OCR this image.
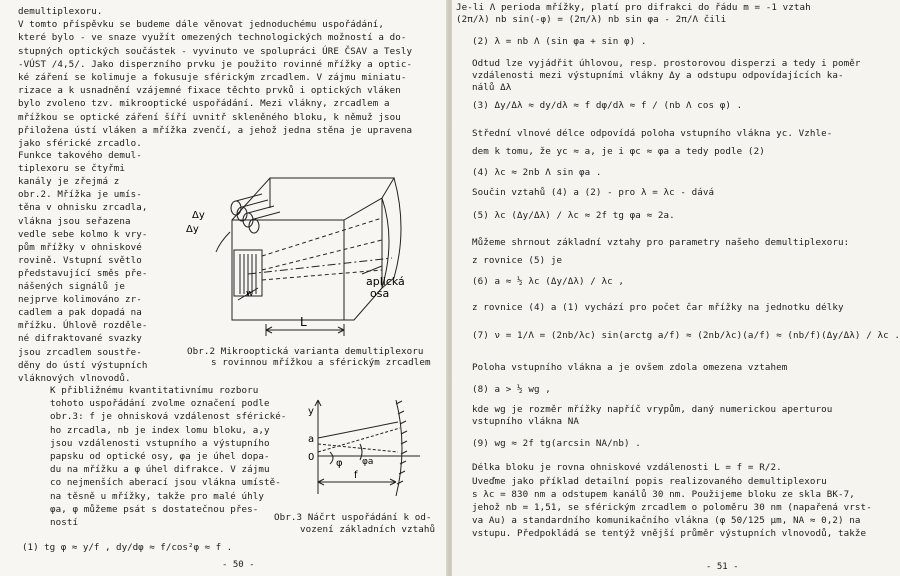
demultiplexoru.
V tomto příspěvku se budeme dále věnovat jednoduchému uspořádání,
které bylo - ve snaze využít omezených technologických možností a do-
stupných optických součástek - vyvinuto ve spolupráci ÚRE ČSAV a Tesly
-VÚST /4,5/. Jako disperzního prvku je použito rovinné mřížky a optic-
ké záření se kolimuje a fokusuje sférickým zrcadlem. V zájmu miniatu-
rizace a k usnadnění vzájemné fixace těchto prvků i optických vláken
bylo zvoleno tzv. mikrooptické uspořádání. Mezi vlákny, zrcadlem a
mřížkou se optické záření šíří uvnitř skleněného bloku, k němuž jsou
přiložena ústí vláken a mřížka zvenčí, a jehož jedna stěna je upravena
jako sférické zrcadlo.
Funkce takového demul-
tiplexoru se čtyřmi
kanály je zřejmá z
obr.2. Mřížka je umís-
těna v ohnisku zrcadla,
vlákna jsou seřazena
vedle sebe kolmo k vry-
pům mřížky v ohniskové
rovině. Vstupní světlo
představující směs pře-
nášených signálů je
nejprve kolimováno zr-
cadlem a pak dopadá na
mřížku. Úhlově rozděle-
né difraktované svazky
jsou zrcadlem soustře-
děny do ústí výstupních
vláknových vlnovodů.
K přibližnému kvantitativnímu rozboru
tohoto uspořádání zvolme označení podle
obr.3: f je ohnisková vzdálenost sférické-
ho zrcadla, nb je index lomu bloku, a,y
jsou vzdálenosti vstupního a výstupního
papsku od optické osy, φa je úhel dopa-
du na mřížku a φ úhel difrakce. V zájmu
co nejmenších aberací jsou vlákna umístě-
na těsně u mřížky, takže pro malé úhly
φa, φ můžeme psát s dostatečnou přes-
ností
Δy
Δy
w
L
aplická
osa
Obr.2 Mikrooptická varianta demultiplexoru
s rovinnou mřížkou a sférickým zrcadlem
y
a
0
φ φa
f
Obr.3 Náčrt uspořádání k od-
vození základních vztahů
(1) tg φ ≈ y/f , dy/dφ ≈ f/cos²φ ≈ f .
- 50 -
Je-li Λ perioda mřížky, platí pro difrakci do řádu m = -1 vztah
(2π/λ) nb sin(-φ) = (2π/λ) nb sin φa - 2π/Λ čili
(2) λ = nb Λ (sin φa + sin φ) .
Odtud lze vyjádřit úhlovou, resp. prostorovou disperzi a tedy i poměr
vzdálenosti mezi výstupními vlákny Δy a odstupu odpovídajících ka-
nálů Δλ
(3) Δy/Δλ ≈ dy/dλ ≈ f dφ/dλ ≈ f / (nb Λ cos φ) .
Střední vlnové délce odpovídá poloha vstupního vlákna yc. Vzhle-
dem k tomu, že yc ≈ a, je i φc ≈ φa a tedy podle (2)
(4) λc ≈ 2nb Λ sin φa .
Součin vztahů (4) a (2) - pro λ = λc - dává
(5) λc (Δy/Δλ) / λc ≈ 2f tg φa ≈ 2a.
Můžeme shrnout základní vztahy pro parametry našeho demultiplexoru:
z rovnice (5) je
(6) a ≈ ½ λc (Δy/Δλ) / λc ,
z rovnice (4) a (1) vychází pro počet čar mřížky na jednotku délky
(7) ν = 1/Λ = (2nb/λc) sin(arctg a/f) ≈ (2nb/λc)(a/f) ≈ (nb/f)(Δy/Δλ) / λc .
Poloha vstupního vlákna a je ovšem zdola omezena vztahem
(8) a > ½ wg ,
kde wg je rozměr mřížky napříč vrypům, daný numerickou aperturou
vstupního vlákna NA
(9) wg ≈ 2f tg(arcsin NA/nb) .
Délka bloku je rovna ohniskové vzdálenosti L = f = R/2.
Uveďme jako příklad detailní popis realizovaného demultiplexoru
s λc = 830 nm a odstupem kanálů 30 nm. Použijeme bloku ze skla BK-7,
jehož nb = 1,51, se sférickým zrcadlem o poloměru 30 nm (napařená vrst-
va Au) a standardního komunikačního vlákna (φ 50/125 μm, NA ≈ 0,2) na
vstupu. Předpokládá se tentýž vnější průměr výstupních vlnovodů, takže
- 51 -
